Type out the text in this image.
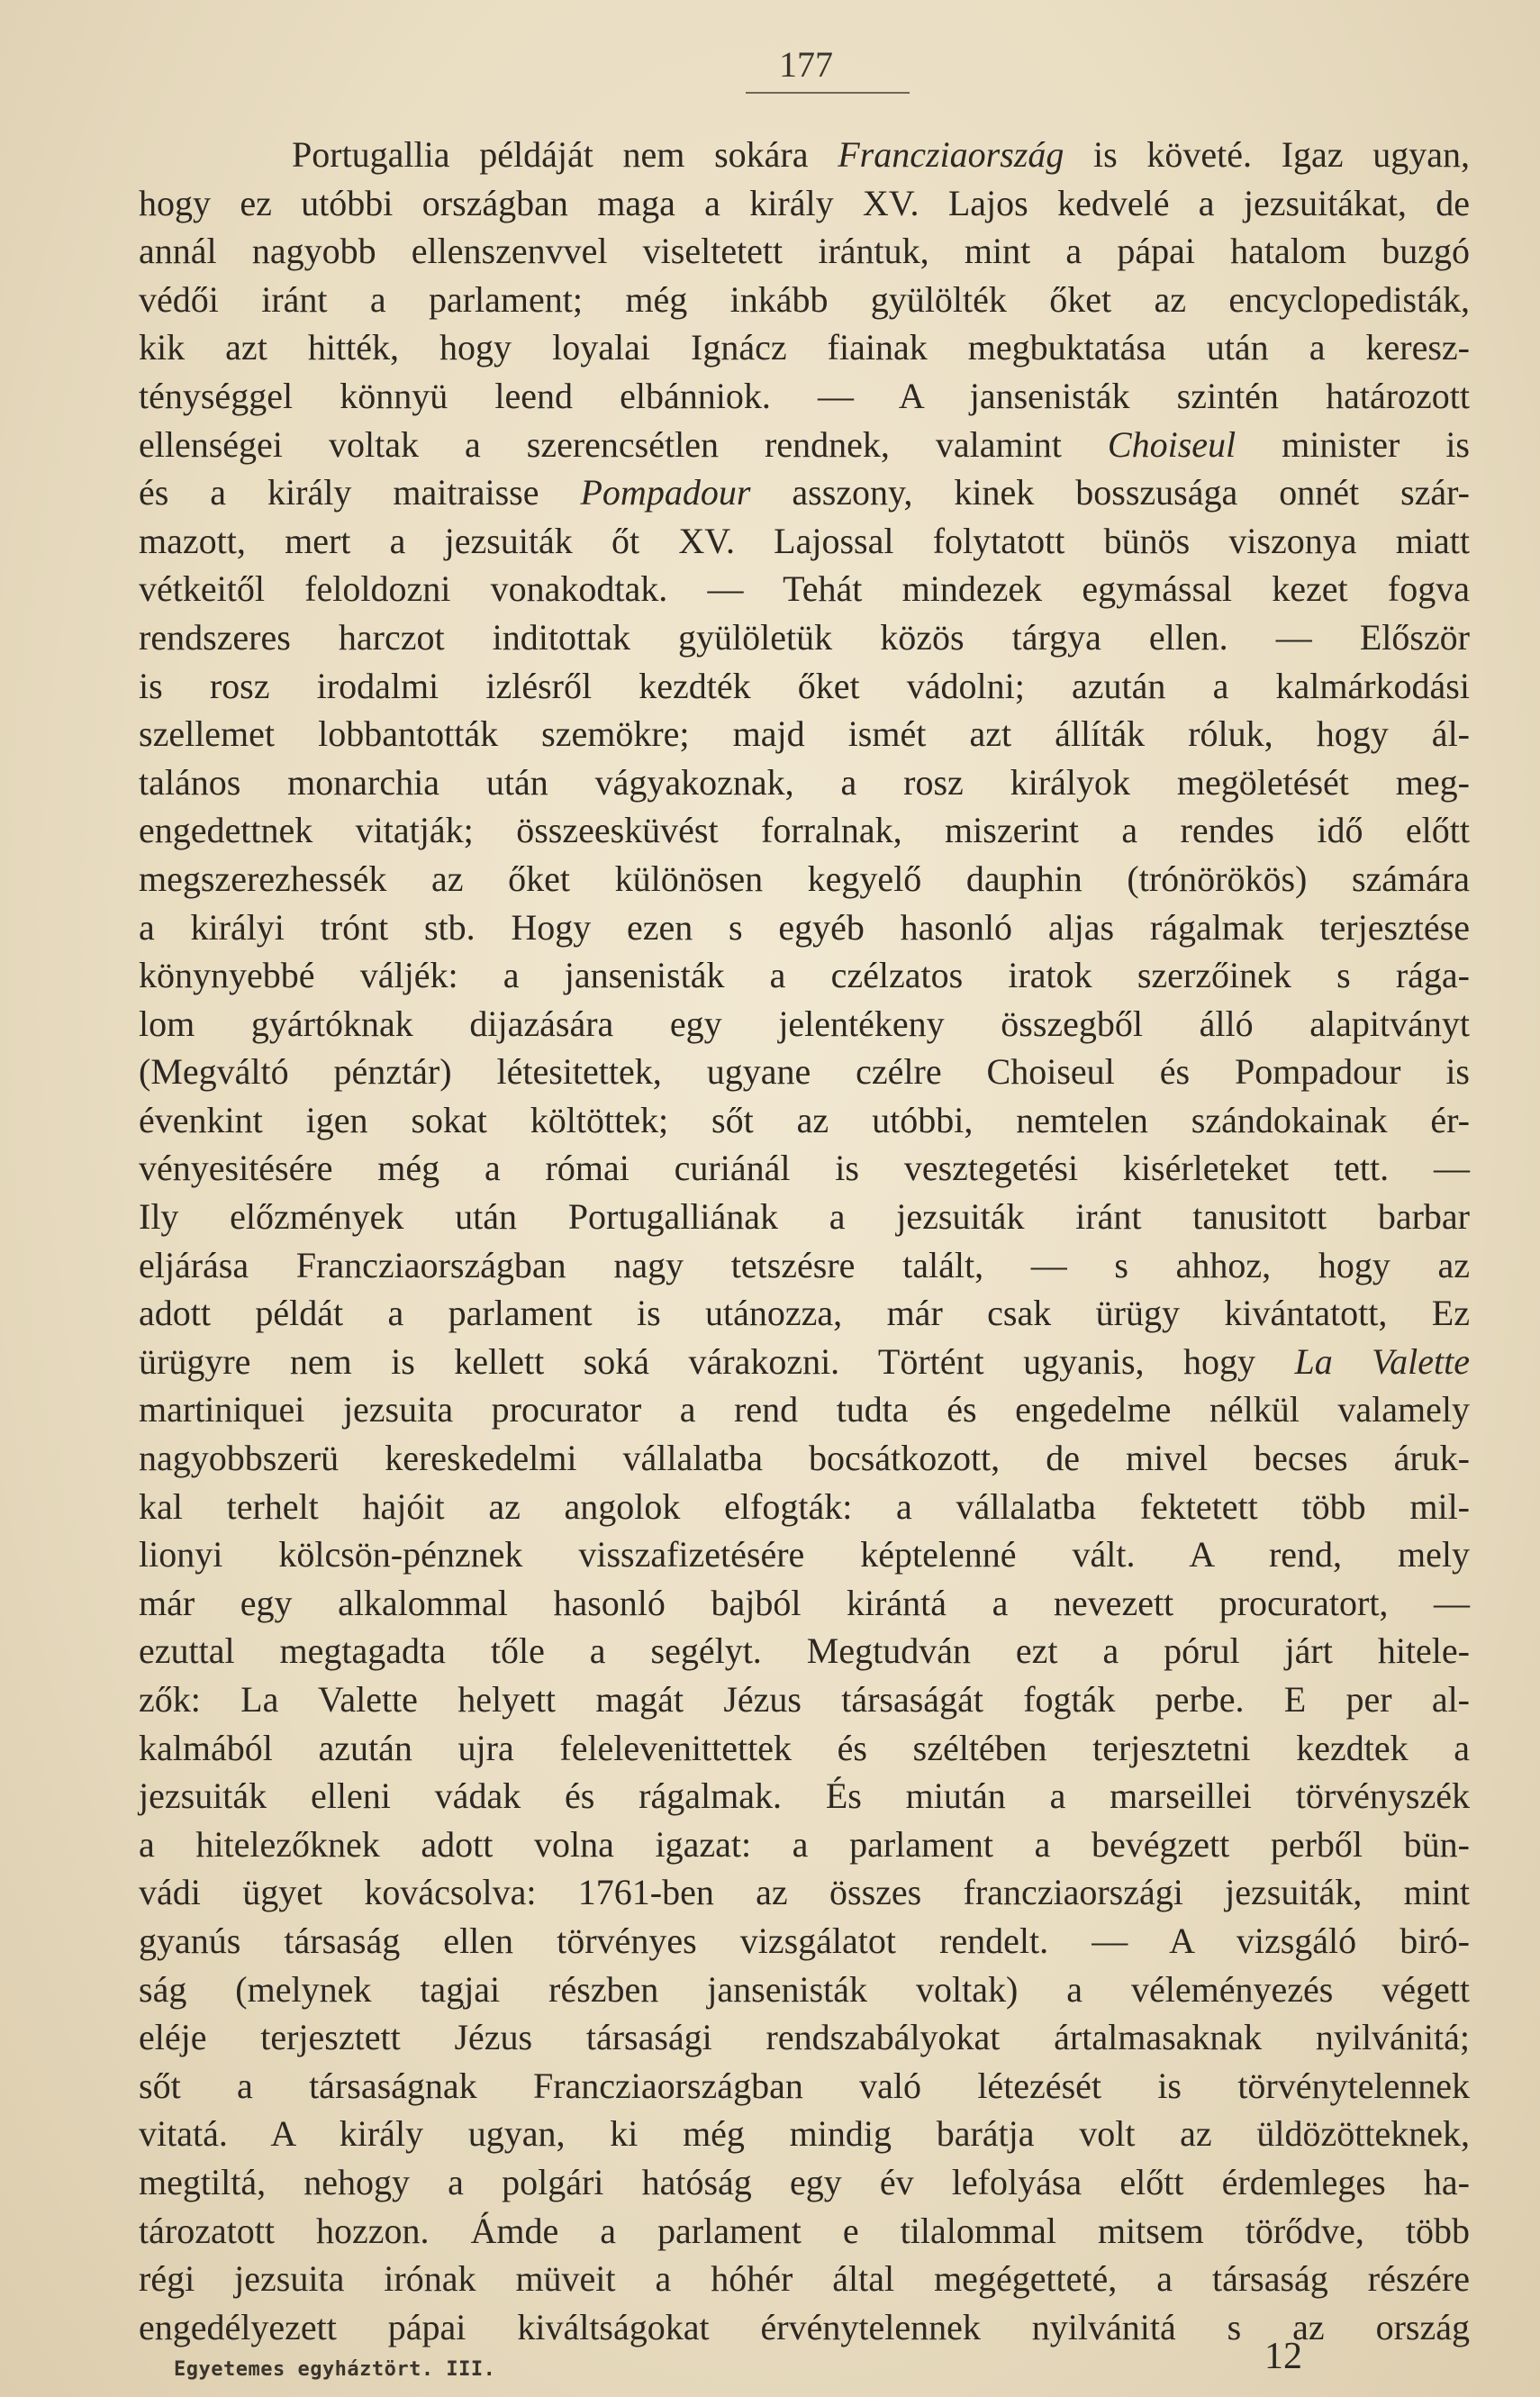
177
Portugallia példáját nem sokára Francziaország is követé. Igaz ugyan,
hogy ez utóbbi országban maga a király XV. Lajos kedvelé a jezsuitákat, de
annál nagyobb ellenszenvvel viseltetett irántuk, mint a pápai hatalom buzgó
védői iránt a parlament; még inkább gyülölték őket az encyclopedisták,
kik azt hitték, hogy loyalai Ignácz fiainak megbuktatása után a keresz-
ténységgel könnyü leend elbánniok. — A jansenisták szintén határozott
ellenségei voltak a szerencsétlen rendnek, valamint Choiseul minister is
és a király maitraisse Pompadour asszony, kinek bosszusága onnét szár-
mazott, mert a jezsuiták őt XV. Lajossal folytatott bünös viszonya miatt
vétkeitől feloldozni vonakodtak. — Tehát mindezek egymással kezet fogva
rendszeres harczot inditottak gyülöletük közös tárgya ellen. — Először
is rosz irodalmi izlésről kezdték őket vádolni; azután a kalmárkodási
szellemet lobbantották szemökre; majd ismét azt állíták róluk, hogy ál-
talános monarchia után vágyakoznak, a rosz királyok megöletését meg-
engedettnek vitatják; összeesküvést forralnak, miszerint a rendes idő előtt
megszerezhessék az őket különösen kegyelő dauphin (trónörökös) számára
a királyi trónt stb. Hogy ezen s egyéb hasonló aljas rágalmak terjesztése
könynyebbé váljék: a jansenisták a czélzatos iratok szerzőinek s rága-
lom gyártóknak dijazására egy jelentékeny összegből álló alapitványt
(Megváltó pénztár) létesitettek, ugyane czélre Choiseul és Pompadour is
évenkint igen sokat költöttek; sőt az utóbbi, nemtelen szándokainak ér-
vényesitésére még a római curiánál is vesztegetési kisérleteket tett. —
Ily előzmények után Portugalliának a jezsuiták iránt tanusitott barbar
eljárása Francziaországban nagy tetszésre talált, — s ahhoz, hogy az
adott példát a parlament is utánozza, már csak ürügy kivántatott, Ez
ürügyre nem is kellett soká várakozni. Történt ugyanis, hogy La Valette
martiniquei jezsuita procurator a rend tudta és engedelme nélkül valamely
nagyobbszerü kereskedelmi vállalatba bocsátkozott, de mivel becses áruk-
kal terhelt hajóit az angolok elfogták: a vállalatba fektetett több mil-
lionyi kölcsön-pénznek visszafizetésére képtelenné vált. A rend, mely
már egy alkalommal hasonló bajból kirántá a nevezett procuratort, —
ezuttal megtagadta tőle a segélyt. Megtudván ezt a pórul járt hitele-
zők: La Valette helyett magát Jézus társaságát fogták perbe. E per al-
kalmából azután ujra felelevenittettek és széltében terjesztetni kezdtek a
jezsuiták elleni vádak és rágalmak. És miután a marseillei törvényszék
a hitelezőknek adott volna igazat: a parlament a bevégzett perből bün-
vádi ügyet kovácsolva: 1761-ben az összes francziaországi jezsuiták, mint
gyanús társaság ellen törvényes vizsgálatot rendelt. — A vizsgáló biró-
ság (melynek tagjai részben jansenisták voltak) a véleményezés végett
eléje terjesztett Jézus társasági rendszabályokat ártalmasaknak nyilvánitá;
sőt a társaságnak Francziaországban való létezését is törvénytelennek
vitatá. A király ugyan, ki még mindig barátja volt az üldözötteknek,
megtiltá, nehogy a polgári hatóság egy év lefolyása előtt érdemleges ha-
tározatott hozzon. Ámde a parlament e tilalommal mitsem törődve, több
régi jezsuita irónak müveit a hóhér által megégetteté, a társaság részére
engedélyezett pápai kiváltságokat érvénytelennek nyilvánitá s az ország
Egyetemes egyháztört. III.	12
